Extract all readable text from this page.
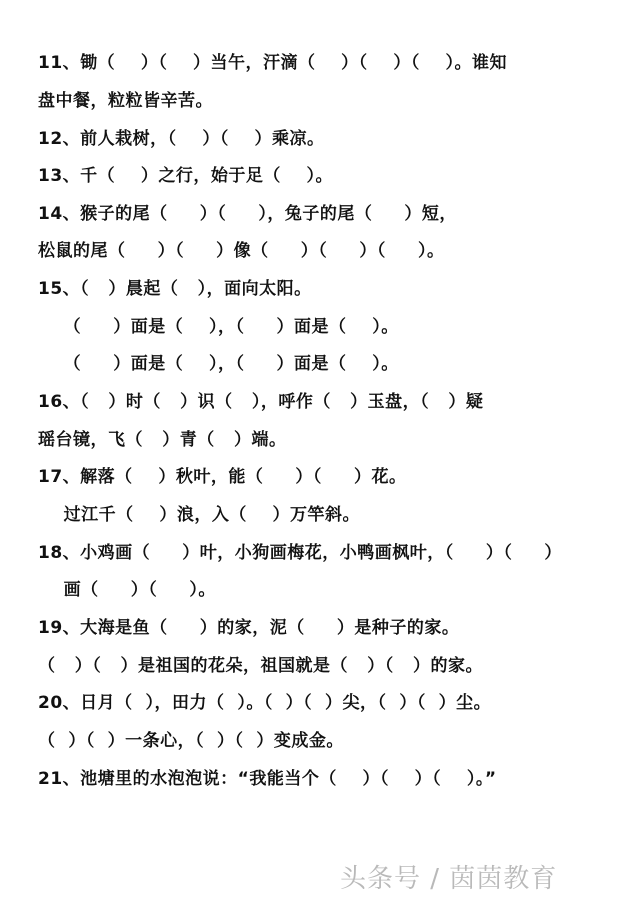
11、锄（    ）（    ）当午，汗滴（    ）（    ）（    ）。谁知
盘中餐，粒粒皆辛苦。
12、前人栽树，（    ）（    ）乘凉。
13、千（    ）之行，始于足（    ）。
14、猴子的尾（     ）（     ），兔子的尾（     ）短，
松鼠的尾（     ）（     ）像（     ）（     ）（     ）。
15、（   ）晨起（   ），面向太阳。
（     ）面是（    ），（     ）面是（    ）。
（     ）面是（    ），（     ）面是（    ）。
16、（   ）时（   ）识（   ），呼作（   ）玉盘，（   ）疑
瑶台镜，飞（   ）青（   ）端。
17、解落（    ）秋叶，能（     ）（     ）花。
过江千（    ）浪，入（    ）万竿斜。
18、小鸡画（     ）叶，小狗画梅花，小鸭画枫叶，（     ）（     ）
画（     ）（     ）。
19、大海是鱼（     ）的家，泥（     ）是种子的家。
（   ）（   ）是祖国的花朵，祖国就是（   ）（   ）的家。
20、日月（  ），田力（  ）。（  ）（  ）尖，（  ）（  ）尘。
（  ）（  ）一条心，（  ）（  ）变成金。
21、池塘里的水泡泡说：“我能当个（    ）（    ）（    ）。”
头条号 / 茵茵教育
